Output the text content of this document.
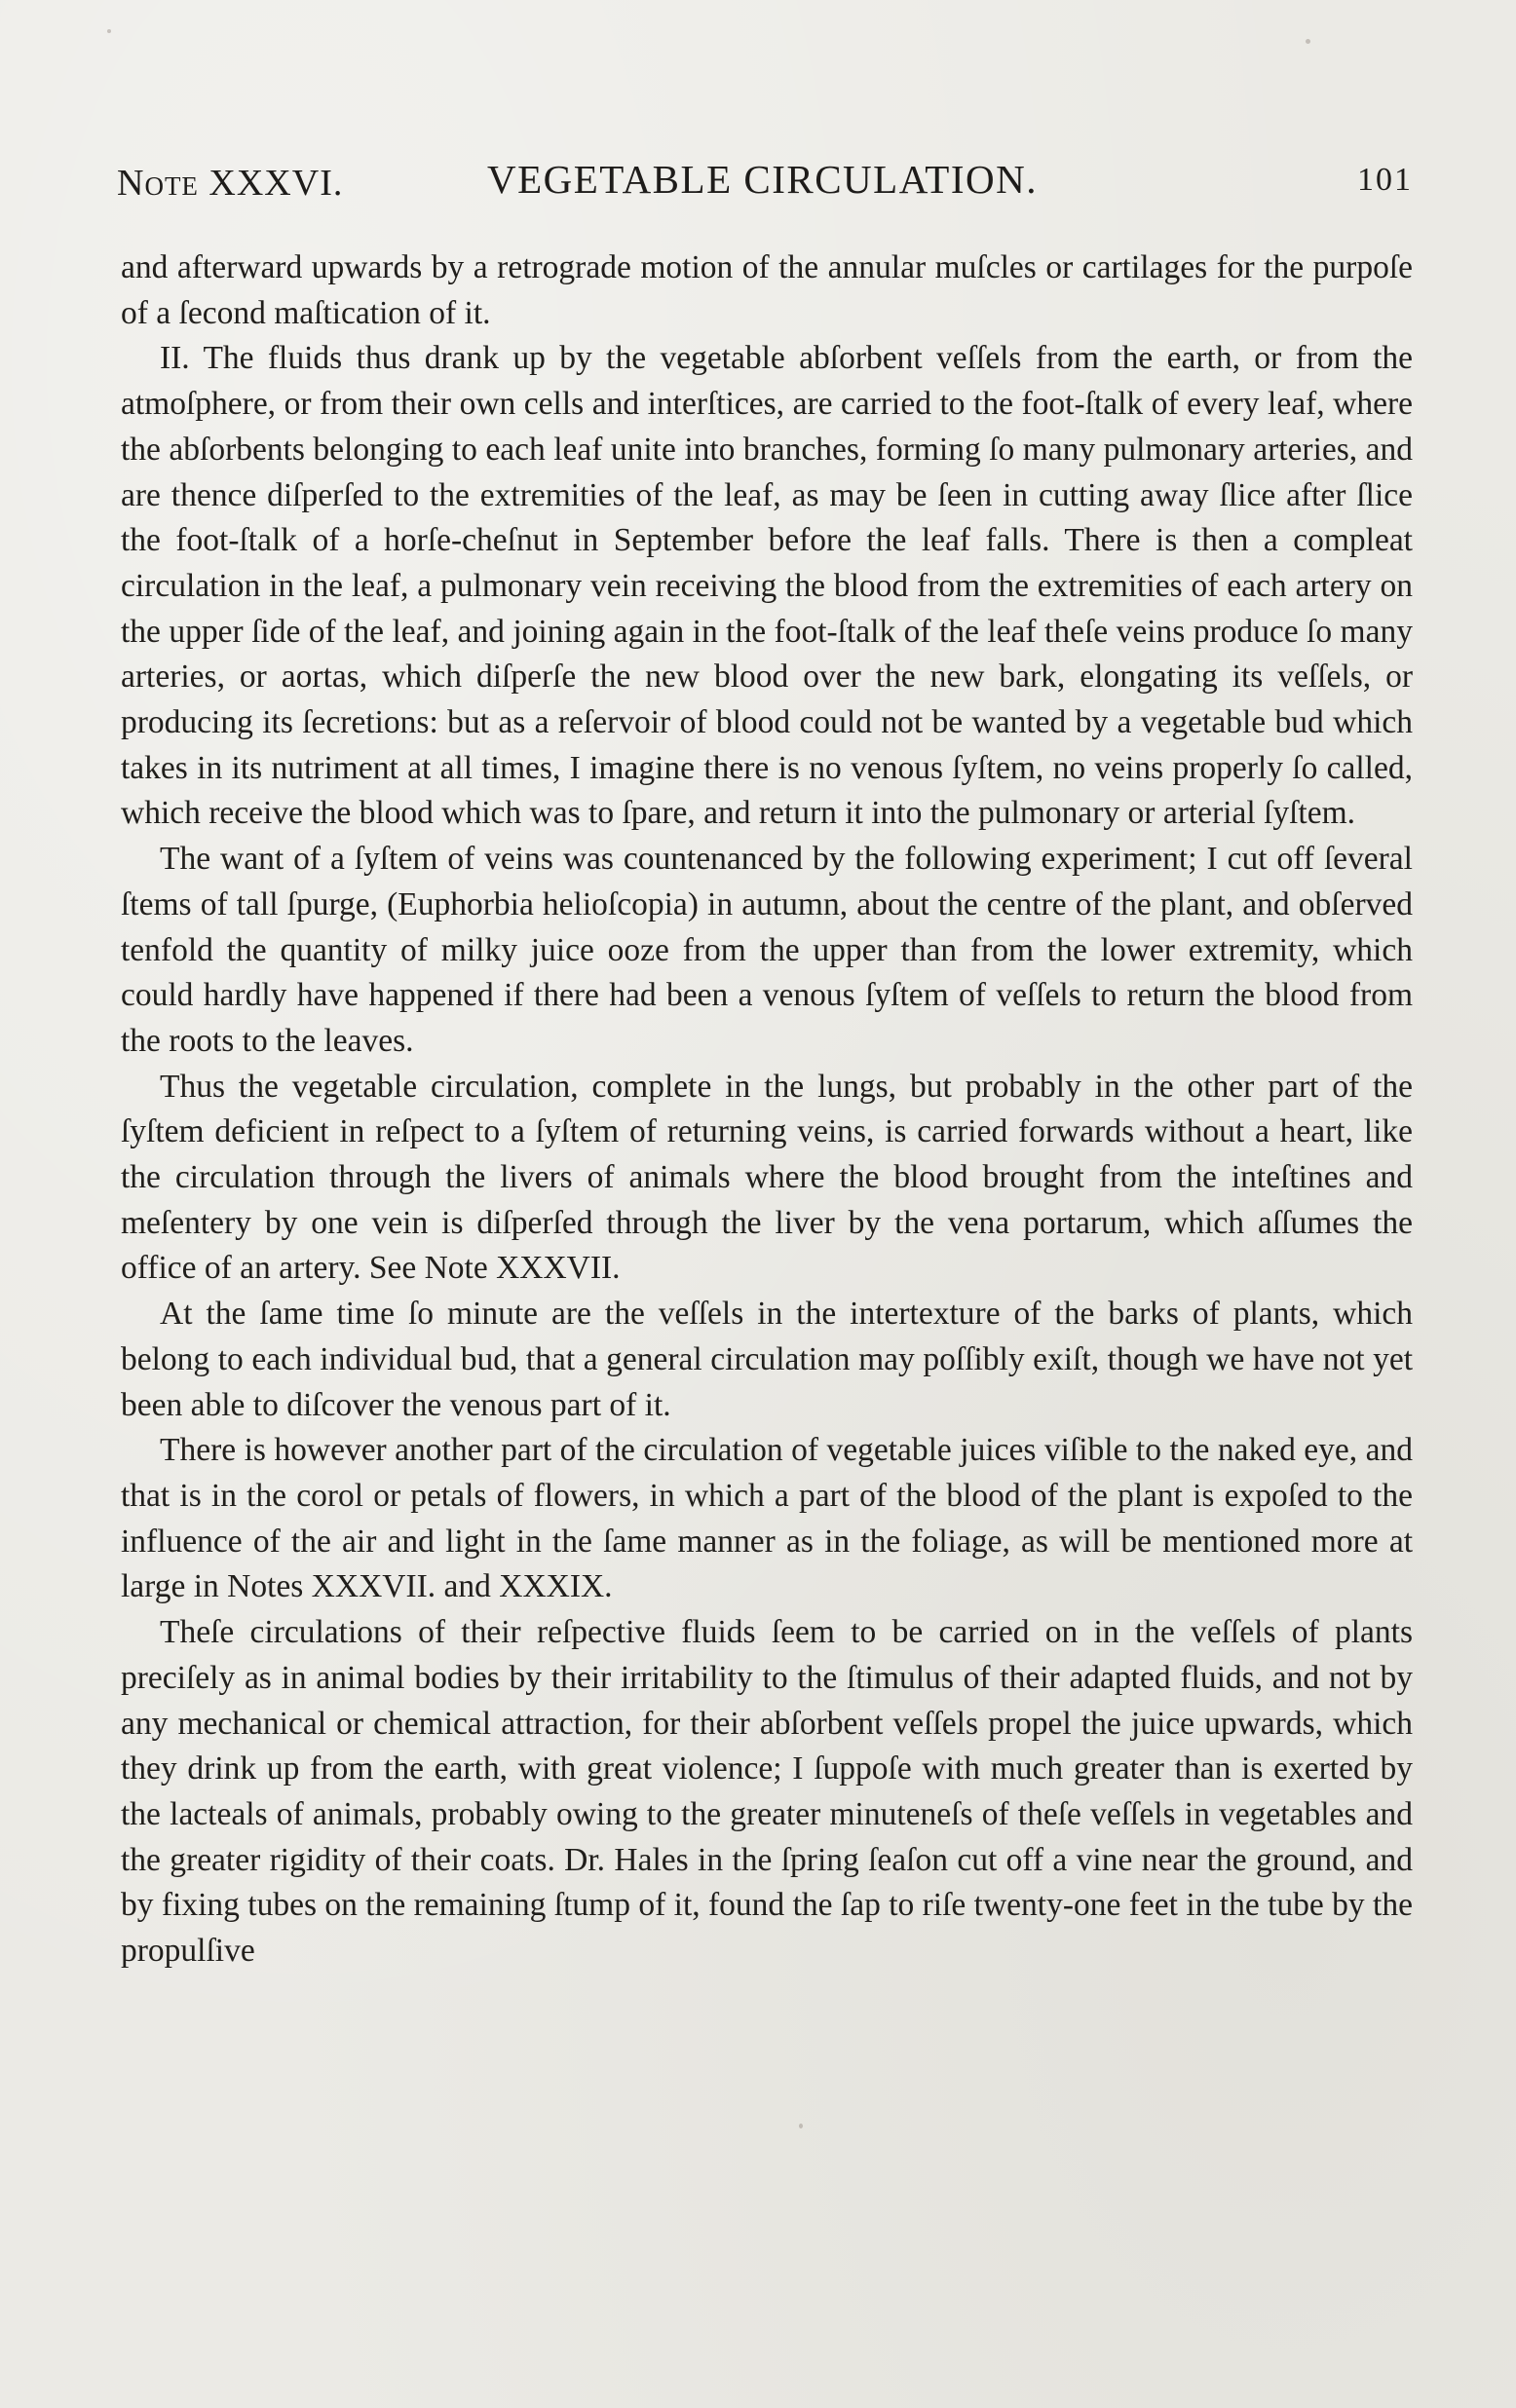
Note XXXVI.	VEGETABLE CIRCULATION.	101

and afterward upwards by a retrograde motion of the annular muſcles or cartilages for the purpoſe of a ſecond maſtication of it.

II. The fluids thus drank up by the vegetable abſorbent veſſels from the earth, or from the atmoſphere, or from their own cells and interſtices, are carried to the foot-ſtalk of every leaf, where the abſorbents belonging to each leaf unite into branches, forming ſo many pulmonary arteries, and are thence diſperſed to the extremities of the leaf, as may be ſeen in cutting away ſlice after ſlice the foot-ſtalk of a horſe-cheſnut in September before the leaf falls. There is then a compleat circulation in the leaf, a pulmonary vein receiving the blood from the extremities of each artery on the upper ſide of the leaf, and joining again in the foot-ſtalk of the leaf theſe veins produce ſo many arteries, or aortas, which diſperſe the new blood over the new bark, elongating its veſſels, or producing its ſecretions: but as a reſervoir of blood could not be wanted by a vegetable bud which takes in its nutriment at all times, I imagine there is no venous ſyſtem, no veins properly ſo called, which receive the blood which was to ſpare, and return it into the pulmonary or arterial ſyſtem.

The want of a ſyſtem of veins was countenanced by the following experiment; I cut off ſeveral ſtems of tall ſpurge, (Euphorbia helioſcopia) in autumn, about the centre of the plant, and obſerved tenfold the quantity of milky juice ooze from the upper than from the lower extremity, which could hardly have happened if there had been a venous ſyſtem of veſſels to return the blood from the roots to the leaves.

Thus the vegetable circulation, complete in the lungs, but probably in the other part of the ſyſtem deficient in reſpect to a ſyſtem of returning veins, is carried forwards without a heart, like the circulation through the livers of animals where the blood brought from the inteſtines and meſentery by one vein is diſperſed through the liver by the vena portarum, which aſſumes the office of an artery. See Note XXXVII.

At the ſame time ſo minute are the veſſels in the intertexture of the barks of plants, which belong to each individual bud, that a general circulation may poſſibly exiſt, though we have not yet been able to diſcover the venous part of it.

There is however another part of the circulation of vegetable juices viſible to the naked eye, and that is in the corol or petals of flowers, in which a part of the blood of the plant is expoſed to the influence of the air and light in the ſame manner as in the foliage, as will be mentioned more at large in Notes XXXVII. and XXXIX.

Theſe circulations of their reſpective fluids ſeem to be carried on in the veſſels of plants preciſely as in animal bodies by their irritability to the ſtimulus of their adapted fluids, and not by any mechanical or chemical attraction, for their abſorbent veſſels propel the juice upwards, which they drink up from the earth, with great violence; I ſuppoſe with much greater than is exerted by the lacteals of animals, probably owing to the greater minuteneſs of theſe veſſels in vegetables and the greater rigidity of their coats. Dr. Hales in the ſpring ſeaſon cut off a vine near the ground, and by fixing tubes on the remaining ſtump of it, found the ſap to riſe twenty-one feet in the tube by the propulſive
